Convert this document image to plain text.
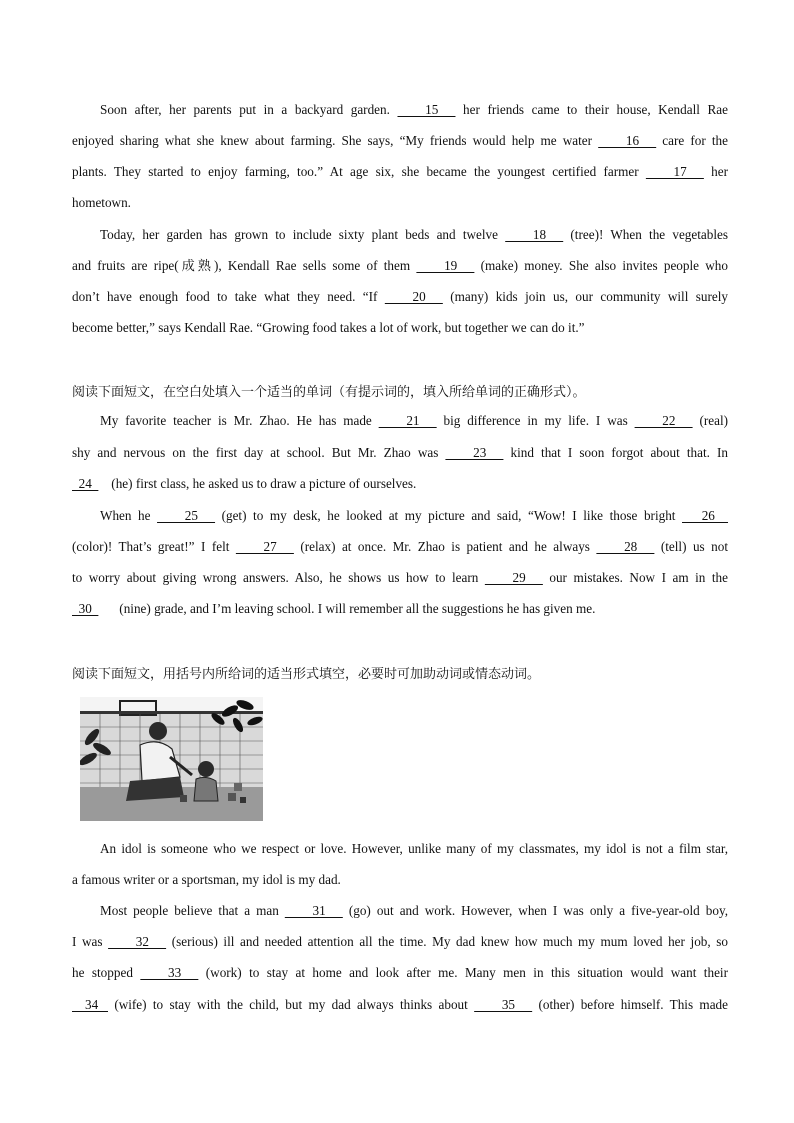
Soon after, her parents put in a backyard garden.   15   her friends came to their house, Kendall Rae
enjoyed sharing what she knew about farming. She says, “My friends would help me water   16   care for the
plants. They started to enjoy farming, too.” At age six, she became the youngest certified farmer   17   her
hometown.
Today, her garden has grown to include sixty plant beds and twelve   18   (tree)! When the vegetables
and fruits are ripe(成熟), Kendall Rae sells some of them   19   (make) money. She also invites people who
don’t have enough food to take what they need. “If   20   (many) kids join us, our community will surely
become better,” says Kendall Rae. “Growing food takes a lot of work, but together we can do it.”
阅读下面短文，在空白处填入一个适当的单词（有提示词的，填入所给单词的正确形式）。
My favorite teacher is Mr. Zhao. He has made   21   big difference in my life. I was   22   (real)
shy and nervous on the first day at school. But Mr. Zhao was   23   kind that I soon forgot about that. In
24   (he) first class, he asked us to draw a picture of ourselves.
When he   25   (get) to my desk, he looked at my picture and said, “Wow! I like those bright   26
(color)! That’s great!” I felt   27   (relax) at once. Mr. Zhao is patient and he always   28   (tell) us not
to worry about giving wrong answers. Also, he shows us how to learn   29   our mistakes. Now I am in the
30   (nine) grade, and I’m leaving school. I will remember all the suggestions he has given me.
阅读下面短文，用括号内所给词的适当形式填空，必要时可加助动词或情态动词。
An idol is someone who we respect or love. However, unlike many of my classmates, my idol is not a film star,
a famous writer or a sportsman, my idol is my dad.
Most people believe that a man   31   (go) out and work. However, when I was only a five-year-old boy,
I was   32   (serious) ill and needed attention all the time. My dad knew how much my mum loved her job, so
he stopped   33   (work) to stay at home and look after me. Many men in this situation would want their
34   (wife) to stay with the child, but my dad always thinks about   35   (other) before himself. This made
